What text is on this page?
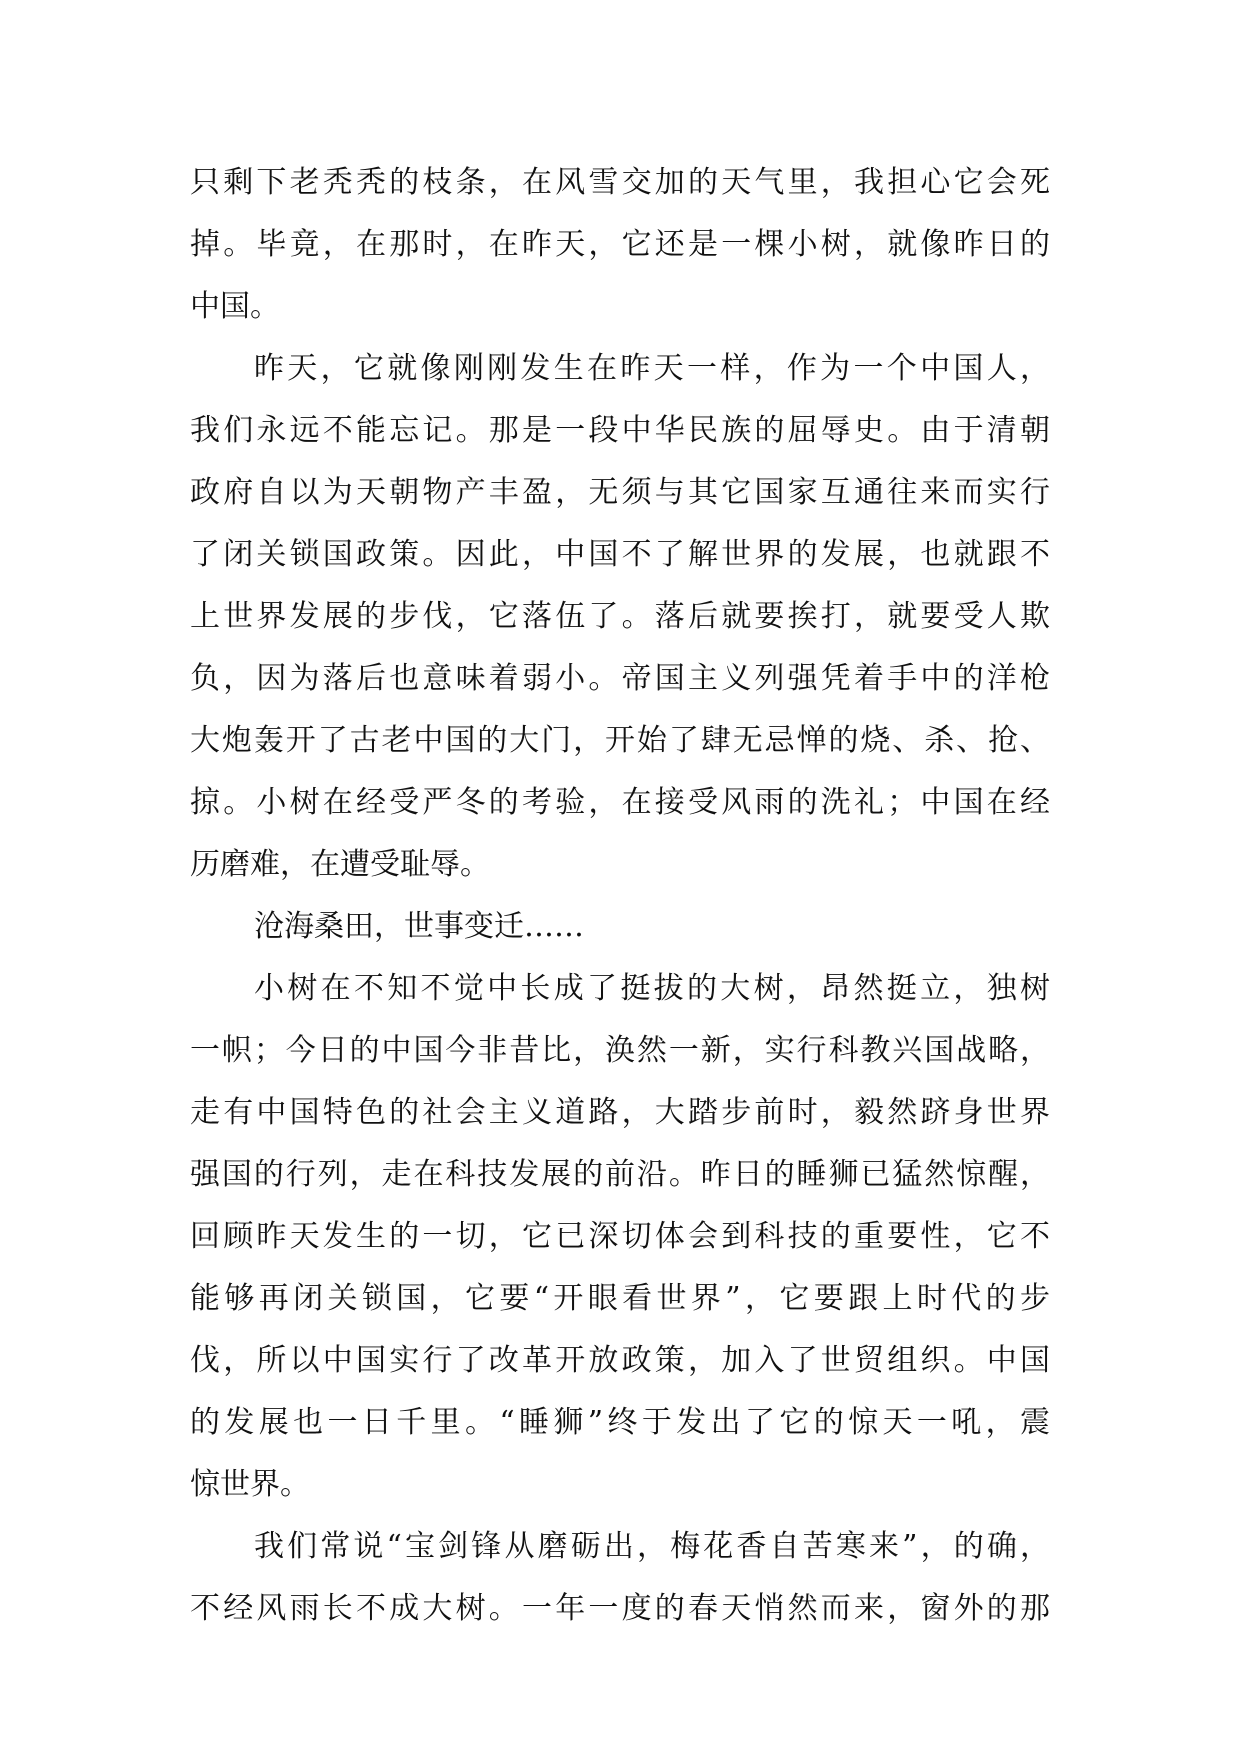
只剩下老秃秃的枝条，在风雪交加的天气里，我担心它会死
掉。毕竟，在那时，在昨天，它还是一棵小树，就像昨日的
中国。
昨天，它就像刚刚发生在昨天一样，作为一个中国人，
我们永远不能忘记。那是一段中华民族的屈辱史。由于清朝
政府自以为天朝物产丰盈，无须与其它国家互通往来而实行
了闭关锁国政策。因此，中国不了解世界的发展，也就跟不
上世界发展的步伐，它落伍了。落后就要挨打，就要受人欺
负，因为落后也意味着弱小。帝国主义列强凭着手中的洋枪
大炮轰开了古老中国的大门，开始了肆无忌惮的烧、杀、抢、
掠。小树在经受严冬的考验，在接受风雨的洗礼；中国在经
历磨难，在遭受耻辱。
沧海桑田，世事变迁……
小树在不知不觉中长成了挺拔的大树，昂然挺立，独树
一帜；今日的中国今非昔比，涣然一新，实行科教兴国战略，
走有中国特色的社会主义道路，大踏步前时，毅然跻身世界
强国的行列，走在科技发展的前沿。昨日的睡狮已猛然惊醒，
回顾昨天发生的一切，它已深切体会到科技的重要性，它不
能够再闭关锁国，它要“开眼看世界”，它要跟上时代的步
伐，所以中国实行了改革开放政策，加入了世贸组织。中国
的发展也一日千里。“睡狮”终于发出了它的惊天一吼，震
惊世界。
我们常说“宝剑锋从磨砺出，梅花香自苦寒来”，的确，
不经风雨长不成大树。一年一度的春天悄然而来，窗外的那
